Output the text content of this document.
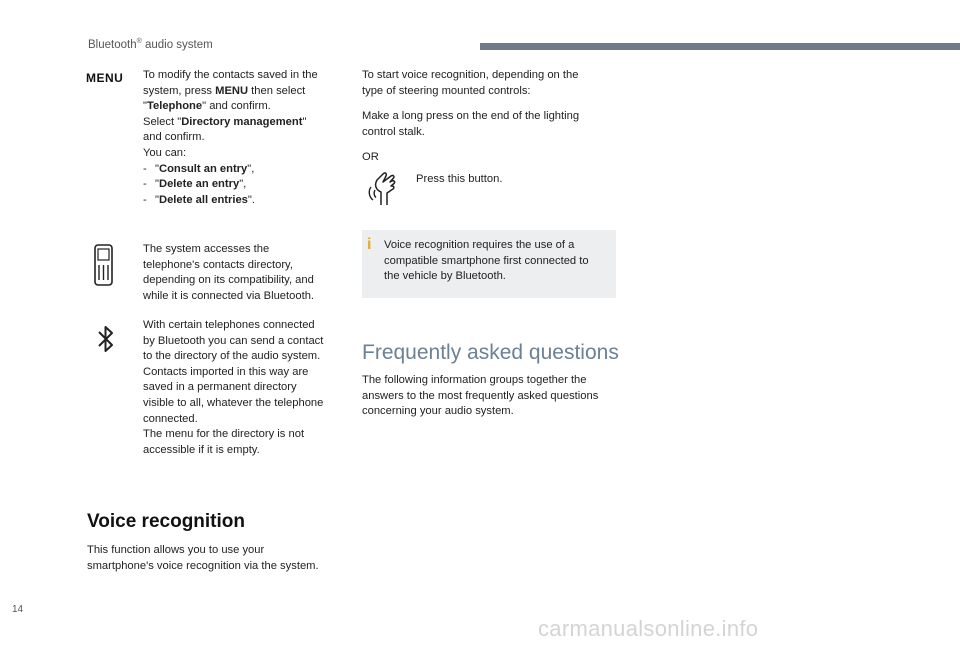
Bluetooth® audio system
MENU To modify the contacts saved in the
system, press MENU then select
"Telephone" and confirm.
Select "Directory management"
and confirm.
You can:
- "Consult an entry",
- "Delete an entry",
- "Delete all entries".
The system accesses the
telephone's contacts directory,
depending on its compatibility, and
while it is connected via Bluetooth.
With certain telephones connected
by Bluetooth you can send a contact
to the directory of the audio system.
Contacts imported in this way are
saved in a permanent directory
visible to all, whatever the telephone
connected.
The menu for the directory is not
accessible if it is empty.
Voice recognition
This function allows you to use your
smartphone's voice recognition via the system.
To start voice recognition, depending on the
type of steering mounted controls:
Make a long press on the end of the lighting
control stalk.
OR
Press this button.
i Voice recognition requires the use of a
compatible smartphone first connected to
the vehicle by Bluetooth.
Frequently asked questions
The following information groups together the
answers to the most frequently asked questions
concerning your audio system.
14
carmanualsonline.info
